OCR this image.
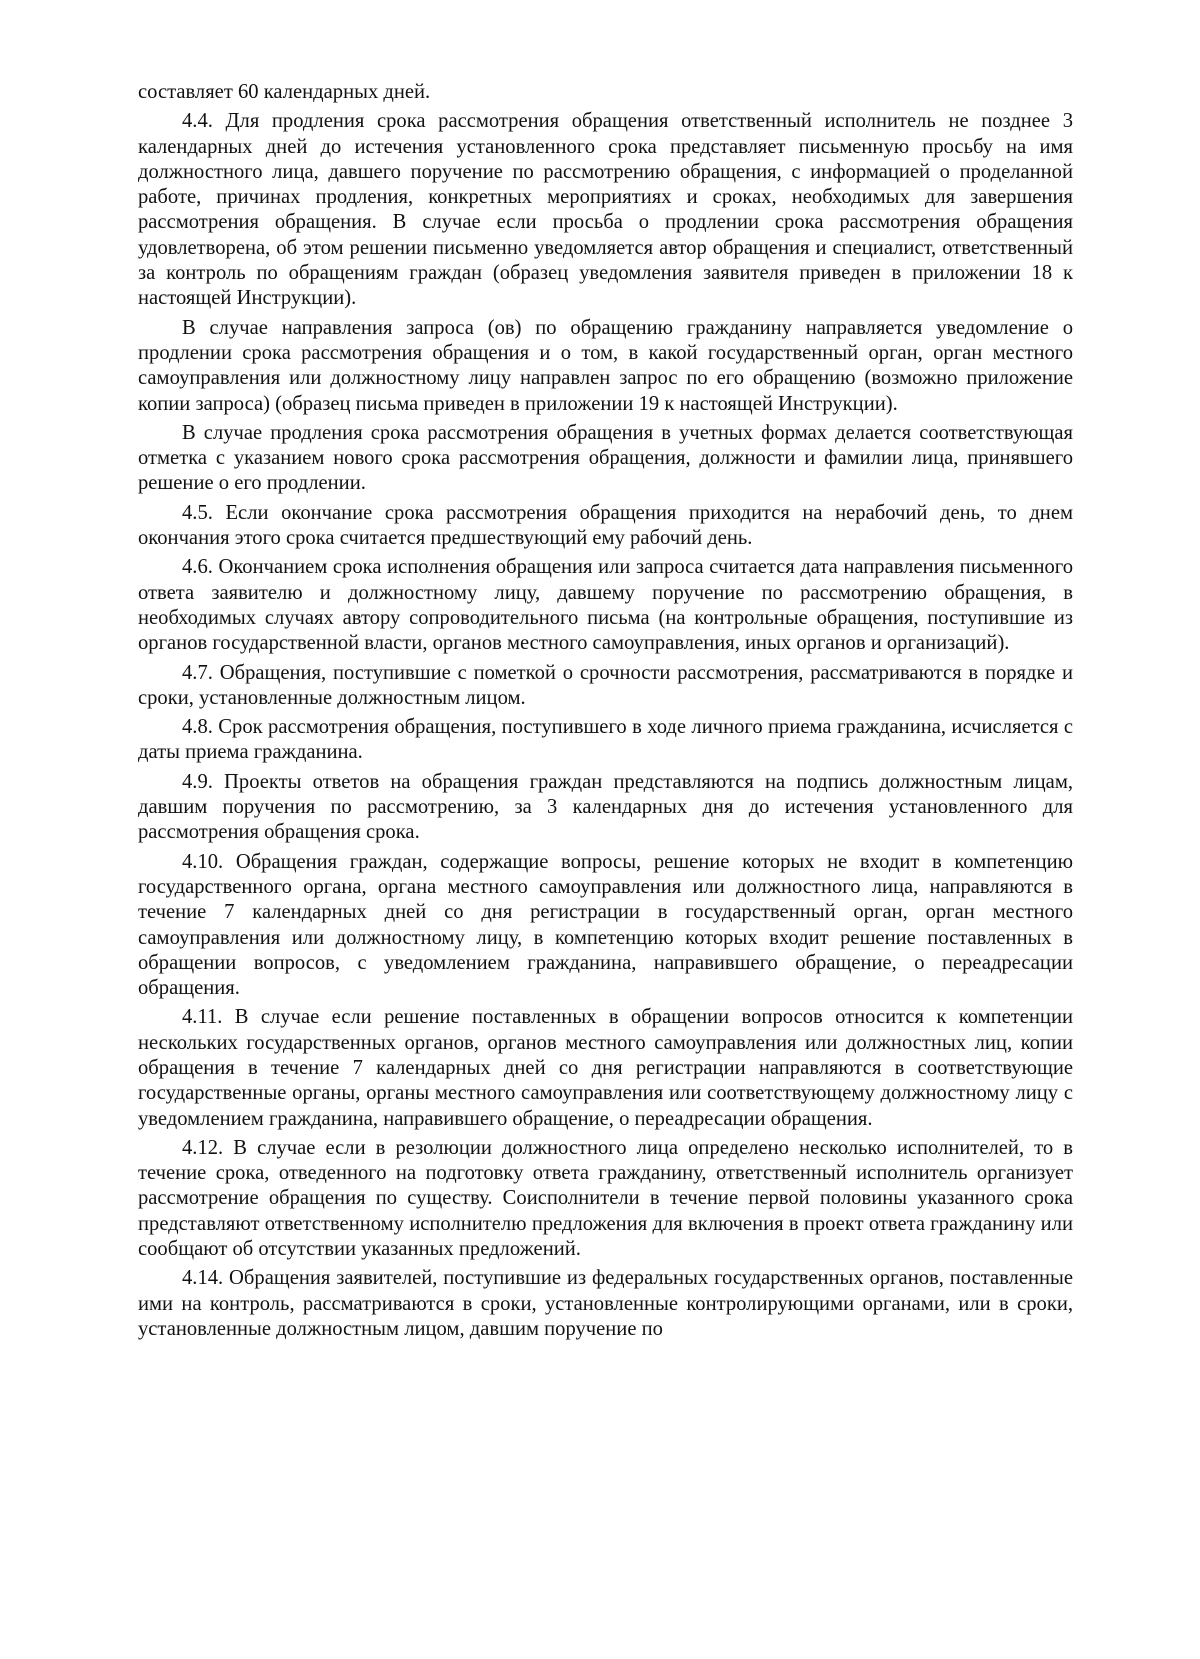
составляет 60 календарных дней.

4.4. Для продления срока рассмотрения обращения ответственный исполнитель не позднее 3 календарных дней до истечения установленного срока представляет письменную просьбу на имя должностного лица, давшего поручение по рассмотрению обращения, с информацией о проделанной работе, причинах продления, конкретных мероприятиях и сроках, необходимых для завершения рассмотрения обращения. В случае если просьба о продлении срока рассмотрения обращения удовлетворена, об этом решении письменно уведомляется автор обращения и специалист, ответственный за контроль по обращениям граждан (образец уведомления заявителя приведен в приложении 18 к настоящей Инструкции).

В случае направления запроса (ов) по обращению гражданину направляется уведомление о продлении срока рассмотрения обращения и о том, в какой государственный орган, орган местного самоуправления или должностному лицу направлен запрос по его обращению (возможно приложение копии запроса) (образец письма приведен в приложении 19 к настоящей Инструкции).

В случае продления срока рассмотрения обращения в учетных формах делается соответствующая отметка с указанием нового срока рассмотрения обращения, должности и фамилии лица, принявшего решение о его продлении.

4.5. Если окончание срока рассмотрения обращения приходится на нерабочий день, то днем окончания этого срока считается предшествующий ему рабочий день.

4.6. Окончанием срока исполнения обращения или запроса считается дата направления письменного ответа заявителю и должностному лицу, давшему поручение по рассмотрению обращения, в необходимых случаях автору сопроводительного письма (на контрольные обращения, поступившие из органов государственной власти, органов местного самоуправления, иных органов и организаций).

4.7. Обращения, поступившие с пометкой о срочности рассмотрения, рассматриваются в порядке и сроки, установленные должностным лицом.

4.8. Срок рассмотрения обращения, поступившего в ходе личного приема гражданина, исчисляется с даты приема гражданина.

4.9. Проекты ответов на обращения граждан представляются на подпись должностным лицам, давшим поручения по рассмотрению, за 3 календарных дня до истечения установленного для рассмотрения обращения срока.

4.10. Обращения граждан, содержащие вопросы, решение которых не входит в компетенцию государственного органа, органа местного самоуправления или должностного лица, направляются в течение 7 календарных дней со дня регистрации в государственный орган, орган местного самоуправления или должностному лицу, в компетенцию которых входит решение поставленных в обращении вопросов, с уведомлением гражданина, направившего обращение, о переадресации обращения.

4.11. В случае если решение поставленных в обращении вопросов относится к компетенции нескольких государственных органов, органов местного самоуправления или должностных лиц, копии обращения в течение 7 календарных дней со дня регистрации направляются в соответствующие государственные органы, органы местного самоуправления или соответствующему должностному лицу с уведомлением гражданина, направившего обращение, о переадресации обращения.

4.12. В случае если в резолюции должностного лица определено несколько исполнителей, то в течение срока, отведенного на подготовку ответа гражданину, ответственный исполнитель организует рассмотрение обращения по существу. Соисполнители в течение первой половины указанного срока представляют ответственному исполнителю предложения для включения в проект ответа гражданину или сообщают об отсутствии указанных предложений.

4.14. Обращения заявителей, поступившие из федеральных государственных органов, поставленные ими на контроль, рассматриваются в сроки, установленные контролирующими органами, или в сроки, установленные должностным лицом, давшим поручение по
